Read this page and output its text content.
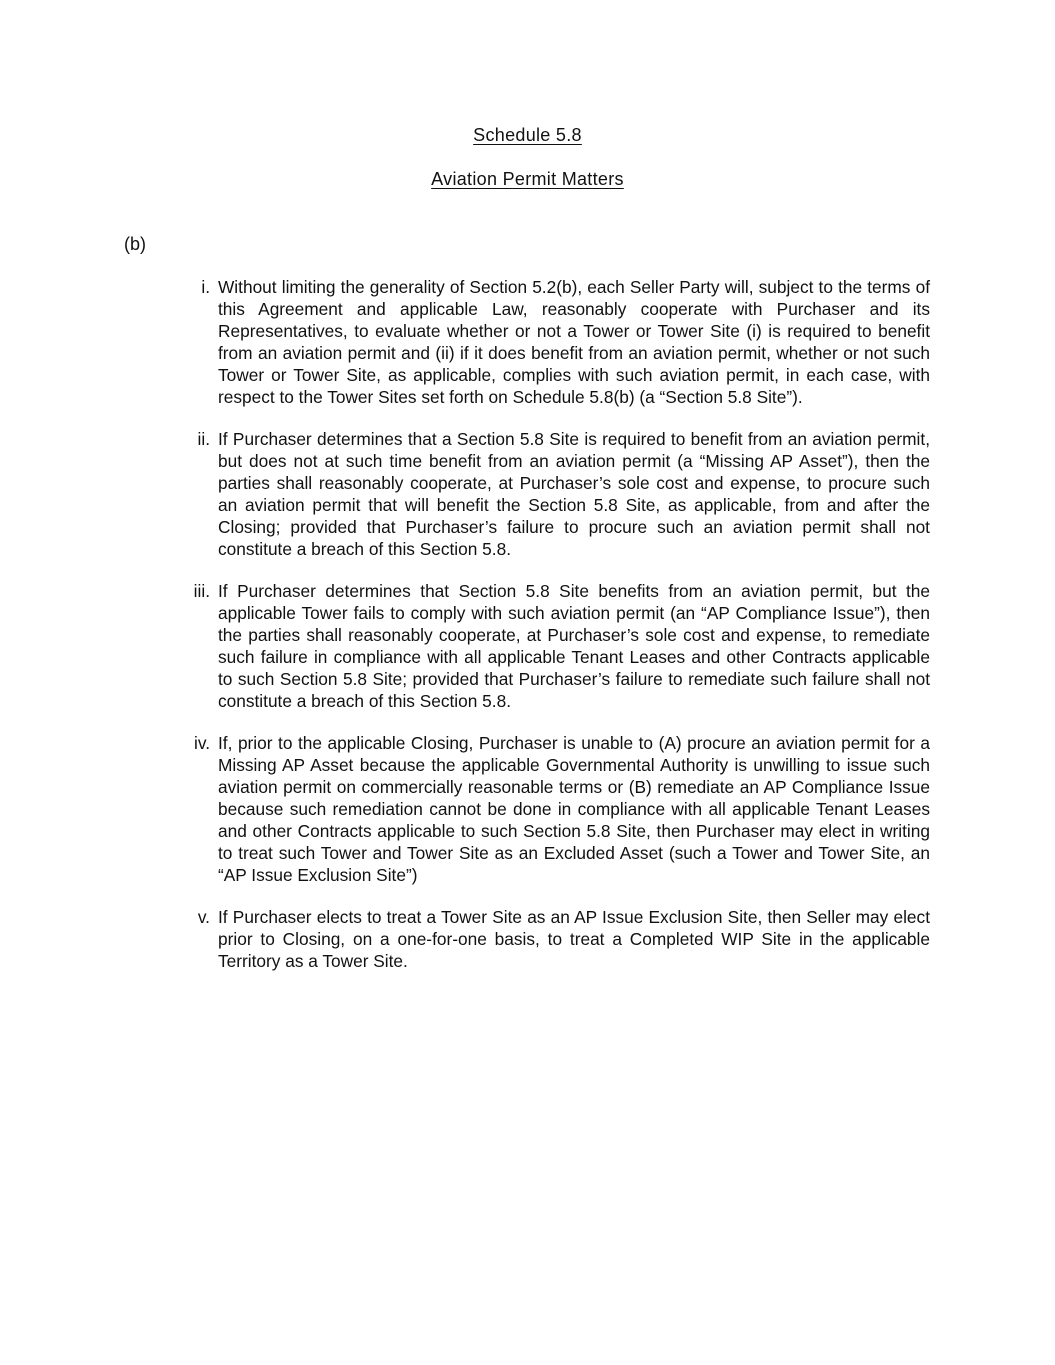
Schedule 5.8
Aviation Permit Matters
(b)
i. Without limiting the generality of Section 5.2(b), each Seller Party will, subject to the terms of this Agreement and applicable Law, reasonably cooperate with Purchaser and its Representatives, to evaluate whether or not a Tower or Tower Site (i) is required to benefit from an aviation permit and (ii) if it does benefit from an aviation permit, whether or not such Tower or Tower Site, as applicable, complies with such aviation permit, in each case, with respect to the Tower Sites set forth on Schedule 5.8(b) (a “Section 5.8 Site”).
ii. If Purchaser determines that a Section 5.8 Site is required to benefit from an aviation permit, but does not at such time benefit from an aviation permit (a “Missing AP Asset”), then the parties shall reasonably cooperate, at Purchaser’s sole cost and expense, to procure such an aviation permit that will benefit the Section 5.8 Site, as applicable, from and after the Closing; provided that Purchaser’s failure to procure such an aviation permit shall not constitute a breach of this Section 5.8.
iii. If Purchaser determines that Section 5.8 Site benefits from an aviation permit, but the applicable Tower fails to comply with such aviation permit (an “AP Compliance Issue”), then the parties shall reasonably cooperate, at Purchaser’s sole cost and expense, to remediate such failure in compliance with all applicable Tenant Leases and other Contracts applicable to such Section 5.8 Site; provided that Purchaser’s failure to remediate such failure shall not constitute a breach of this Section 5.8.
iv. If, prior to the applicable Closing, Purchaser is unable to (A) procure an aviation permit for a Missing AP Asset because the applicable Governmental Authority is unwilling to issue such aviation permit on commercially reasonable terms or (B) remediate an AP Compliance Issue because such remediation cannot be done in compliance with all applicable Tenant Leases and other Contracts applicable to such Section 5.8 Site, then Purchaser may elect in writing to treat such Tower and Tower Site as an Excluded Asset (such a Tower and Tower Site, an “AP Issue Exclusion Site”)
v. If Purchaser elects to treat a Tower Site as an AP Issue Exclusion Site, then Seller may elect prior to Closing, on a one-for-one basis, to treat a Completed WIP Site in the applicable Territory as a Tower Site.
